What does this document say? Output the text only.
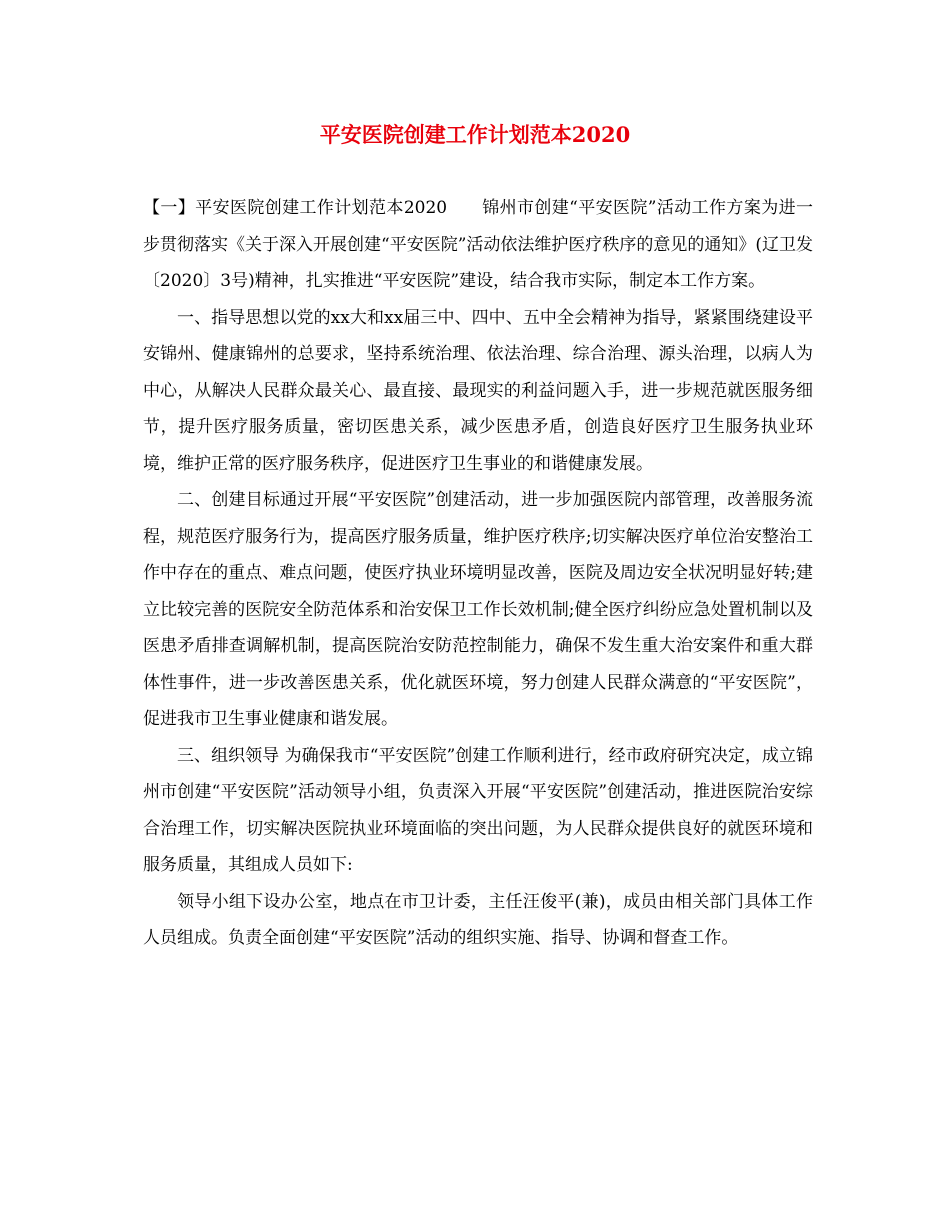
平安医院创建工作计划范本2020

【一】平安医院创建工作计划范本2020　　锦州市创建“平安医院”活动工作方案为进一步贯彻落实《关于深入开展创建“平安医院”活动依法维护医疗秩序的意见的通知》(辽卫发〔2020〕3号)精神，扎实推进“平安医院”建设，结合我市实际，制定本工作方案。

一、指导思想以党的xx大和xx届三中、四中、五中全会精神为指导，紧紧围绕建设平安锦州、健康锦州的总要求，坚持系统治理、依法治理、综合治理、源头治理，以病人为中心，从解决人民群众最关心、最直接、最现实的利益问题入手，进一步规范就医服务细节，提升医疗服务质量，密切医患关系，减少医患矛盾，创造良好医疗卫生服务执业环境，维护正常的医疗服务秩序，促进医疗卫生事业的和谐健康发展。

二、创建目标通过开展“平安医院”创建活动，进一步加强医院内部管理，改善服务流程，规范医疗服务行为，提高医疗服务质量，维护医疗秩序;切实解决医疗单位治安整治工作中存在的重点、难点问题，使医疗执业环境明显改善，医院及周边安全状况明显好转;建立比较完善的医院安全防范体系和治安保卫工作长效机制;健全医疗纠纷应急处置机制以及医患矛盾排查调解机制，提高医院治安防范控制能力，确保不发生重大治安案件和重大群体性事件，进一步改善医患关系，优化就医环境，努力创建人民群众满意的“平安医院”，促进我市卫生事业健康和谐发展。

三、组织领导 为确保我市“平安医院”创建工作顺利进行，经市政府研究决定，成立锦州市创建“平安医院”活动领导小组，负责深入开展“平安医院”创建活动，推进医院治安综合治理工作，切实解决医院执业环境面临的突出问题，为人民群众提供良好的就医环境和服务质量，其组成人员如下:

领导小组下设办公室，地点在市卫计委，主任汪俊平(兼)，成员由相关部门具体工作人员组成。负责全面创建“平安医院”活动的组织实施、指导、协调和督查工作。
